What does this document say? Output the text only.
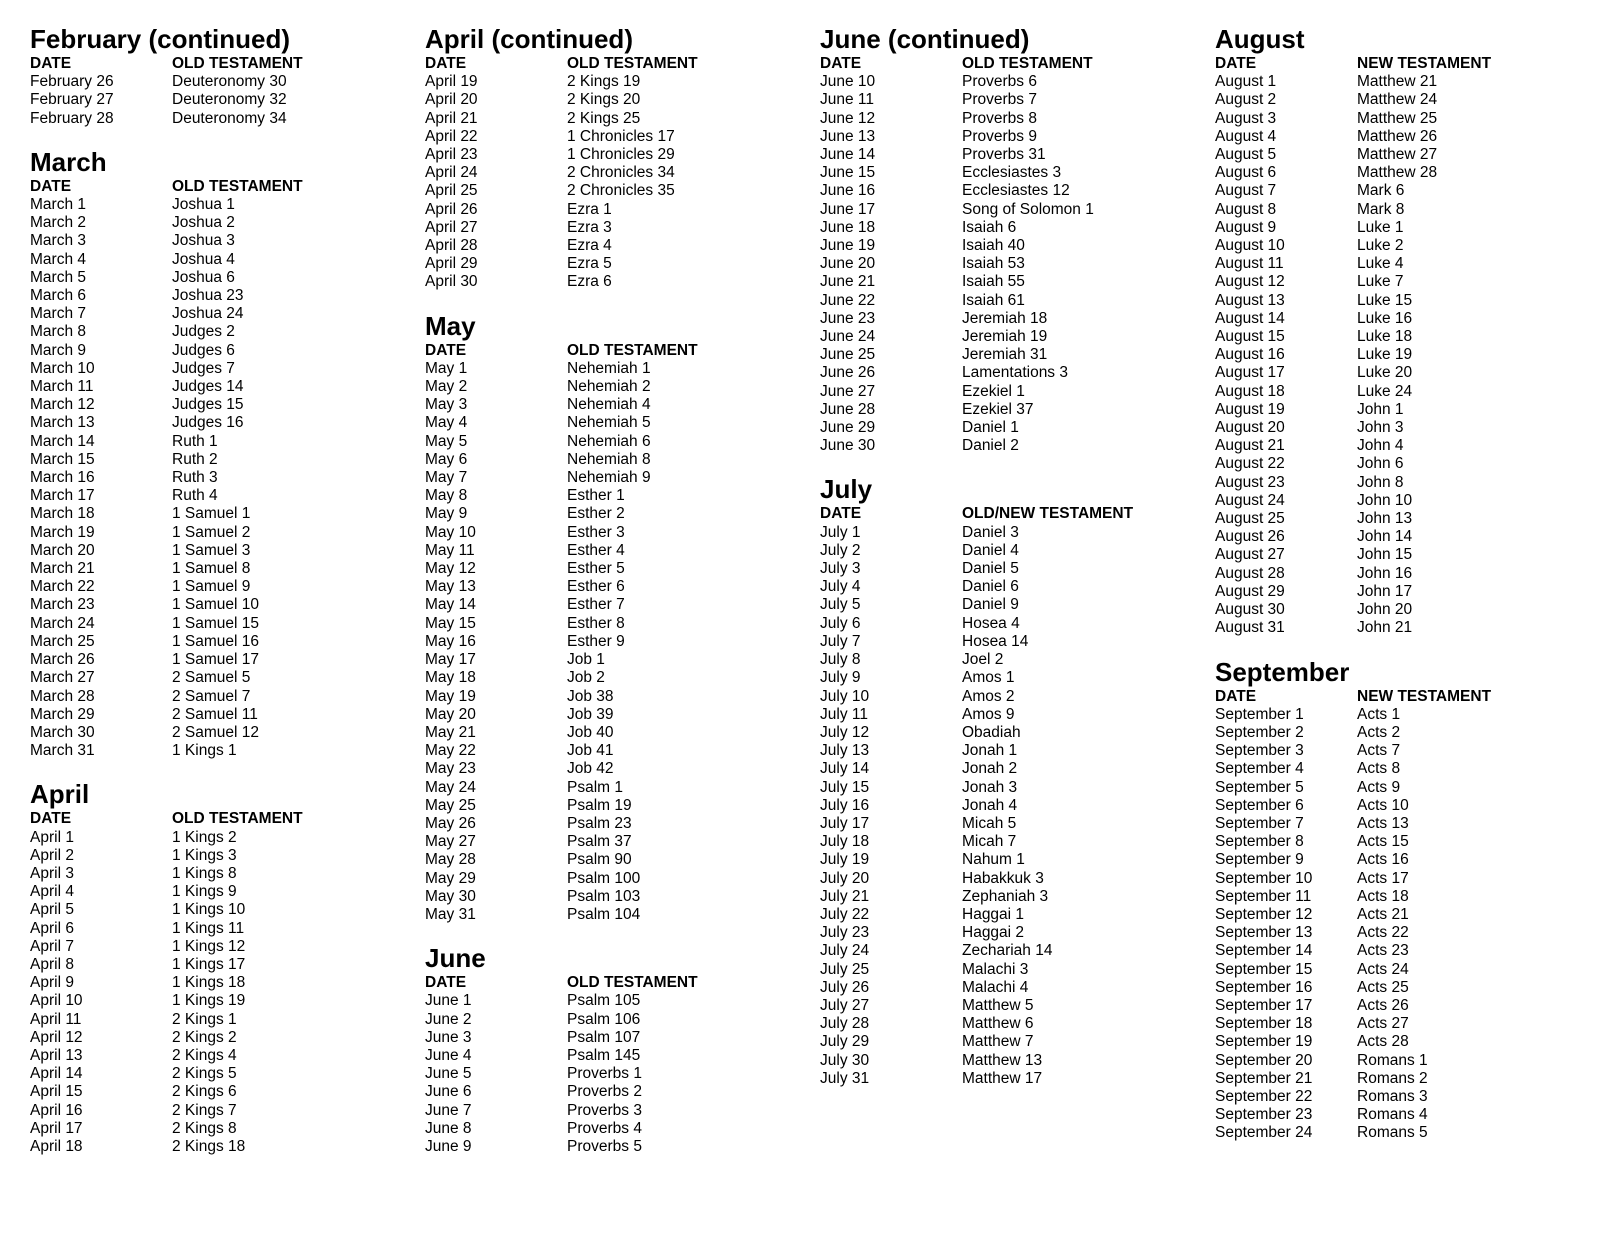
February (continued)
DATE	OLD TESTAMENT
February 26	Deuteronomy 30
February 27	Deuteronomy 32
February 28	Deuteronomy 34
March
DATE	OLD TESTAMENT
March 1	Joshua 1
March 2	Joshua 2
March 3	Joshua 3
March 4	Joshua 4
March 5	Joshua 6
March 6	Joshua 23
March 7	Joshua 24
March 8	Judges 2
March 9	Judges 6
March 10	Judges 7
March 11	Judges 14
March 12	Judges 15
March 13	Judges 16
March 14	Ruth 1
March 15	Ruth 2
March 16	Ruth 3
March 17	Ruth 4
March 18	1 Samuel 1
March 19	1 Samuel 2
March 20	1 Samuel 3
March 21	1 Samuel 8
March 22	1 Samuel 9
March 23	1 Samuel 10
March 24	1 Samuel 15
March 25	1 Samuel 16
March 26	1 Samuel 17
March 27	2 Samuel 5
March 28	2 Samuel 7
March 29	2 Samuel 11
March 30	2 Samuel 12
March 31	1 Kings 1
April
DATE	OLD TESTAMENT
April 1	1 Kings 2
April 2	1 Kings 3
April 3	1 Kings 8
April 4	1 Kings 9
April 5	1 Kings 10
April 6	1 Kings 11
April 7	1 Kings 12
April 8	1 Kings 17
April 9	1 Kings 18
April 10	1 Kings 19
April 11	2 Kings 1
April 12	2 Kings 2
April 13	2 Kings 4
April 14	2 Kings 5
April 15	2 Kings 6
April 16	2 Kings 7
April 17	2 Kings 8
April 18	2 Kings 18
April (continued)
DATE	OLD TESTAMENT
April 19	2 Kings 19
April 20	2 Kings 20
April 21	2 Kings 25
April 22	1 Chronicles 17
April 23	1 Chronicles 29
April 24	2 Chronicles 34
April 25	2 Chronicles 35
April 26	Ezra 1
April 27	Ezra 3
April 28	Ezra 4
April 29	Ezra 5
April 30	Ezra 6
May
DATE	OLD TESTAMENT
May 1	Nehemiah 1
May 2	Nehemiah 2
May 3	Nehemiah 4
May 4	Nehemiah 5
May 5	Nehemiah 6
May 6	Nehemiah 8
May 7	Nehemiah 9
May 8	Esther 1
May 9	Esther 2
May 10	Esther 3
May 11	Esther 4
May 12	Esther 5
May 13	Esther 6
May 14	Esther 7
May 15	Esther 8
May 16	Esther 9
May 17	Job 1
May 18	Job 2
May 19	Job 38
May 20	Job 39
May 21	Job 40
May 22	Job 41
May 23	Job 42
May 24	Psalm 1
May 25	Psalm 19
May 26	Psalm 23
May 27	Psalm 37
May 28	Psalm 90
May 29	Psalm 100
May 30	Psalm 103
May 31	Psalm 104
June
DATE	OLD TESTAMENT
June 1	Psalm 105
June 2	Psalm 106
June 3	Psalm 107
June 4	Psalm 145
June 5	Proverbs 1
June 6	Proverbs 2
June 7	Proverbs 3
June 8	Proverbs 4
June 9	Proverbs 5
June (continued)
DATE	OLD TESTAMENT
June 10	Proverbs 6
June 11	Proverbs 7
June 12	Proverbs 8
June 13	Proverbs 9
June 14	Proverbs 31
June 15	Ecclesiastes 3
June 16	Ecclesiastes 12
June 17	Song of Solomon 1
June 18	Isaiah 6
June 19	Isaiah 40
June 20	Isaiah 53
June 21	Isaiah 55
June 22	Isaiah 61
June 23	Jeremiah 18
June 24	Jeremiah 19
June 25	Jeremiah 31
June 26	Lamentations 3
June 27	Ezekiel 1
June 28	Ezekiel 37
June 29	Daniel 1
June 30	Daniel 2
July
DATE	OLD/NEW TESTAMENT
July 1	Daniel 3
July 2	Daniel 4
July 3	Daniel 5
July 4	Daniel 6
July 5	Daniel 9
July 6	Hosea 4
July 7	Hosea 14
July 8	Joel 2
July 9	Amos 1
July 10	Amos 2
July 11	Amos 9
July 12	Obadiah
July 13	Jonah 1
July 14	Jonah 2
July 15	Jonah 3
July 16	Jonah 4
July 17	Micah 5
July 18	Micah 7
July 19	Nahum 1
July 20	Habakkuk 3
July 21	Zephaniah 3
July 22	Haggai 1
July 23	Haggai 2
July 24	Zechariah 14
July 25	Malachi 3
July 26	Malachi 4
July 27	Matthew 5
July 28	Matthew 6
July 29	Matthew 7
July 30	Matthew 13
July 31	Matthew 17
August
DATE	NEW TESTAMENT
August 1	Matthew 21
August 2	Matthew 24
August 3	Matthew 25
August 4	Matthew 26
August 5	Matthew 27
August 6	Matthew 28
August 7	Mark 6
August 8	Mark 8
August 9	Luke 1
August 10	Luke 2
August 11	Luke 4
August 12	Luke 7
August 13	Luke 15
August 14	Luke 16
August 15	Luke 18
August 16	Luke 19
August 17	Luke 20
August 18	Luke 24
August 19	John 1
August 20	John 3
August 21	John 4
August 22	John 6
August 23	John 8
August 24	John 10
August 25	John 13
August 26	John 14
August 27	John 15
August 28	John 16
August 29	John 17
August 30	John 20
August 31	John 21
September
DATE	NEW TESTAMENT
September 1	Acts 1
September 2	Acts 2
September 3	Acts 7
September 4	Acts 8
September 5	Acts 9
September 6	Acts 10
September 7	Acts 13
September 8	Acts 15
September 9	Acts 16
September 10	Acts 17
September 11	Acts 18
September 12	Acts 21
September 13	Acts 22
September 14	Acts 23
September 15	Acts 24
September 16	Acts 25
September 17	Acts 26
September 18	Acts 27
September 19	Acts 28
September 20	Romans 1
September 21	Romans 2
September 22	Romans 3
September 23	Romans 4
September 24	Romans 5
